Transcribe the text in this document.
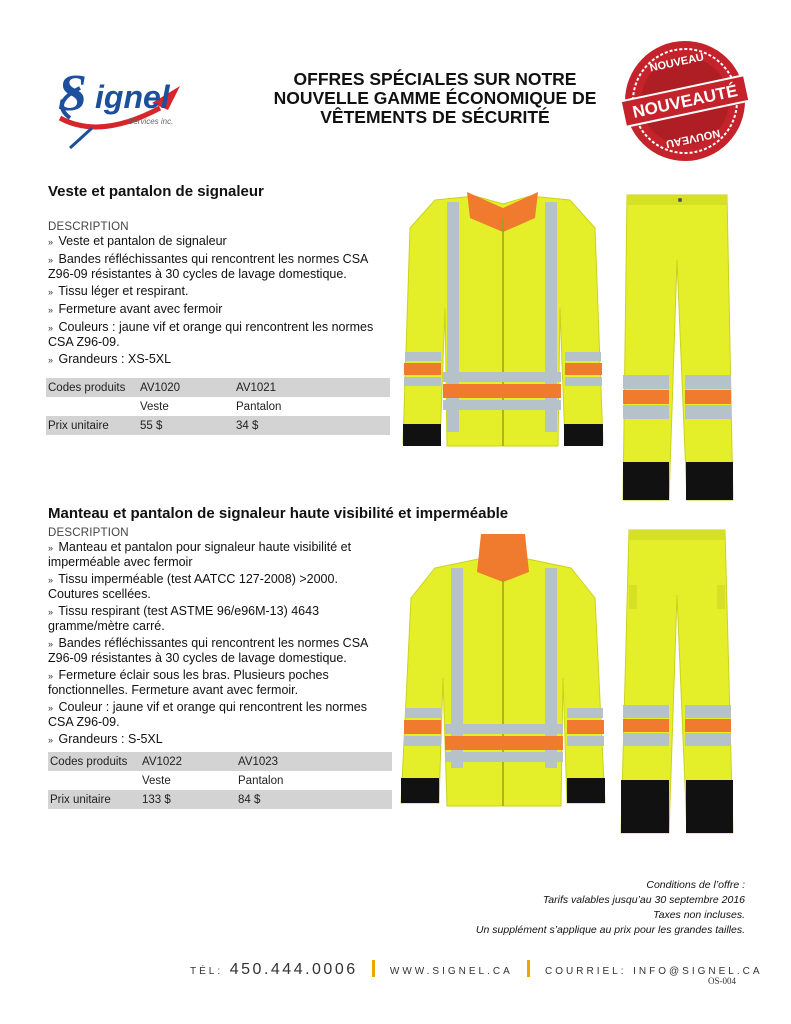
S ignel
Services inc.
OFFRES SPÉCIALES SUR NOTRE
NOUVELLE GAMME ÉCONOMIQUE DE
VÊTEMENTS DE SÉCURITÉ
NOUVEAU
NOUVEAUTÉ
NOUVEAU
Veste et pantalon de signaleur
DESCRIPTION
» Veste et pantalon de signaleur
» Bandes réfléchissantes qui rencontrent les normes CSA Z96-09 résistantes à 30 cycles de lavage domestique.
» Tissu léger et respirant.
» Fermeture avant avec fermoir
» Couleurs : jaune vif et orange qui rencontrent les normes CSA Z96-09.
» Grandeurs : XS-5XL
Codes produits	AV1020	AV1021
	Veste	Pantalon
Prix unitaire	55 $	34 $
Manteau et pantalon de signaleur haute visibilité et imperméable
DESCRIPTION
» Manteau et pantalon pour signaleur haute visibilité et imperméable avec fermoir
» Tissu imperméable (test AATCC 127-2008) >2000. Coutures scellées.
» Tissu respirant (test ASTME 96/e96M-13) 4643 gramme/mètre carré.
» Bandes réfléchissantes qui rencontrent les normes CSA Z96-09 résistantes à 30 cycles de lavage domestique.
» Fermeture éclair sous les bras. Plusieurs poches fonctionnelles. Fermeture avant avec fermoir.
» Couleur : jaune vif et orange qui rencontrent les normes CSA Z96-09.
» Grandeurs : S-5XL
Codes produits	AV1022	AV1023
	Veste	Pantalon
Prix unitaire	133 $	84 $
Conditions de l’offre :
Tarifs valables jusqu’au 30 septembre 2016
Taxes non incluses.
Un supplément s’applique au prix pour les grandes tailles.
TÉL: 450.444.0006	WWW.SIGNEL.CA	COURRIEL: INFO@SIGNEL.CA
OS-004
